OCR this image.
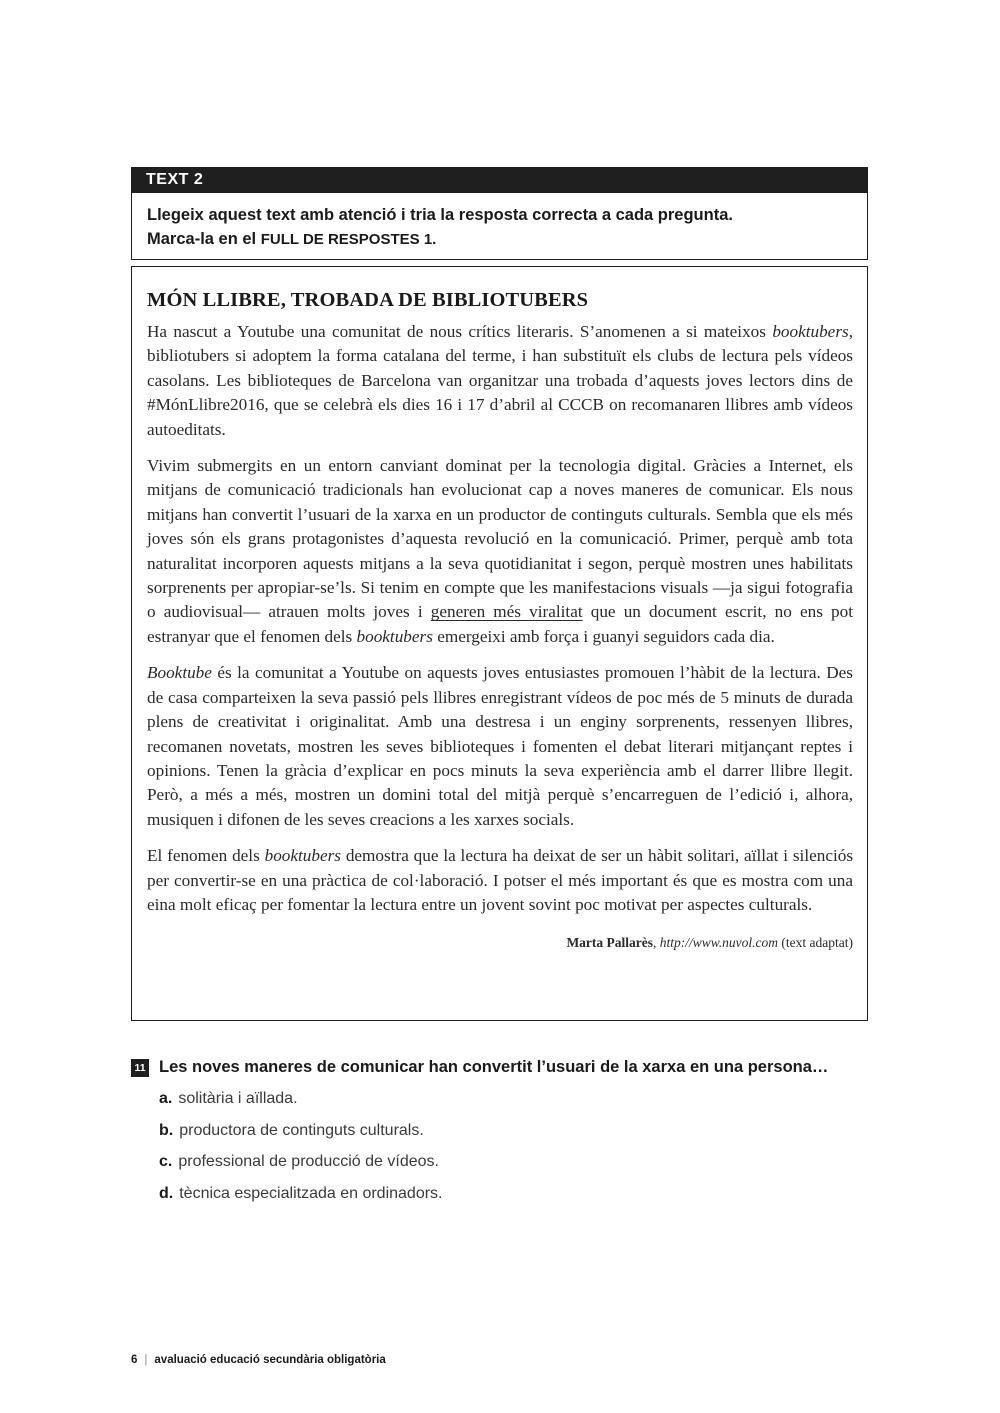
TEXT 2
Llegeix aquest text amb atenció i tria la resposta correcta a cada pregunta.
Marca-la en el FULL DE RESPOSTES 1.
MÓN LLIBRE, TROBADA DE BIBLIOTUBERS

Ha nascut a Youtube una comunitat de nous crítics literaris. S’anomenen a si mateixos booktubers, bibliotubers si adoptem la forma catalana del terme, i han substituït els clubs de lectura pels vídeos casolans. Les biblioteques de Barcelona van organitzar una trobada d’aquests joves lectors dins de #MónLlibre2016, que se celebrà els dies 16 i 17 d’abril al CCCB on recomanaren llibres amb vídeos autoeditats.

Vivim submergits en un entorn canviant dominat per la tecnologia digital. Gràcies a Internet, els mitjans de comunicació tradicionals han evolucionat cap a noves maneres de comunicar. Els nous mitjans han convertit l’usuari de la xarxa en un productor de continguts culturals. Sembla que els més joves són els grans protagonistes d’aquesta revolució en la comunicació. Primer, perquè amb tota naturalitat incorporen aquests mitjans a la seva quotidianitat i segon, perquè mostren unes habilitats sorprenents per apropiar-se’ls. Si tenim en compte que les manifestacions visuals —ja sigui fotografia o audiovisual— atrauen molts joves i generen més viralitat que un document escrit, no ens pot estranyar que el fenomen dels booktubers emergeixi amb força i guanyi seguidors cada dia.

Booktube és la comunitat a Youtube on aquests joves entusiastes promouen l’hàbit de la lectura. Des de casa comparteixen la seva passió pels llibres enregistrant vídeos de poc més de 5 minuts de durada plens de creativitat i originalitat. Amb una destresa i un enginy sorprenents, ressenyen llibres, recomanen novetats, mostren les seves biblioteques i fomenten el debat literari mitjançant reptes i opinions. Tenen la gràcia d’explicar en pocs minuts la seva experiència amb el darrer llibre llegit. Però, a més a més, mostren un domini total del mitjà perquè s’encarreguen de l’edició i, alhora, musiquen i difonen de les seves creacions a les xarxes socials.

El fenomen dels booktubers demostra que la lectura ha deixat de ser un hàbit solitari, aïllat i silenciós per convertir-se en una pràctica de col·laboració. I potser el més important és que es mostra com una eina molt eficaç per fomentar la lectura entre un jovent sovint poc motivat per aspectes culturals.

Marta Pallarès, http://www.nuvol.com (text adaptat)
11 Les noves maneres de comunicar han convertit l’usuari de la xarxa en una persona…
a. solitària i aïllada.
b. productora de continguts culturals.
c. professional de producció de vídeos.
d. tècnica especialitzada en ordinadors.
6 | avaluació educació secundària obligatòria
